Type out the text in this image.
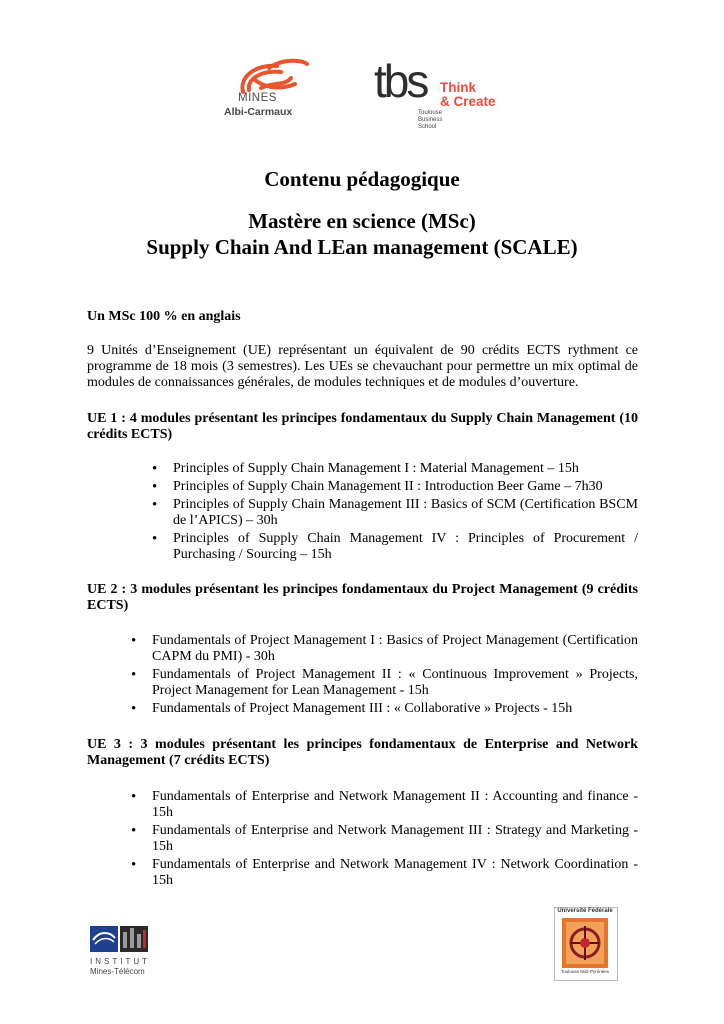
MINES
Albi-Carmaux
tbs Think
& Create
Toulouse Business School
Contenu pédagogique
Mastère en science (MSc)
Supply Chain And LEan management (SCALE)
Un MSc 100 % en anglais
9 Unités d’Enseignement (UE) représentant un équivalent de 90 crédits ECTS rythment ce programme de 18 mois (3 semestres). Les UEs se chevauchant pour permettre un mix optimal de modules de connaissances générales, de modules techniques et de modules d’ouverture.
UE 1 : 4 modules présentant les principes fondamentaux du Supply Chain Management (10 crédits ECTS)
• Principles of Supply Chain Management I : Material Management – 15h
• Principles of Supply Chain Management II : Introduction Beer Game – 7h30
• Principles of Supply Chain Management III : Basics of SCM (Certification BSCM de l’APICS) – 30h
• Principles of Supply Chain Management IV : Principles of Procurement / Purchasing / Sourcing – 15h
UE 2 : 3 modules présentant les principes fondamentaux du Project Management (9 crédits ECTS)
• Fundamentals of Project Management I : Basics of Project Management (Certification CAPM du PMI) - 30h
• Fundamentals of Project Management II : « Continuous Improvement » Projects, Project Management for Lean Management - 15h
• Fundamentals of Project Management III : « Collaborative » Projects - 15h
UE 3 : 3 modules présentant les principes fondamentaux de Enterprise and Network Management (7 crédits ECTS)
• Fundamentals of Enterprise and Network Management II : Accounting and finance - 15h
• Fundamentals of Enterprise and Network Management III : Strategy and Marketing - 15h
• Fundamentals of Enterprise and Network Management IV : Network Coordination - 15h
INSTITUT
Mines-Télécom
Université Fédérale
Toulouse Midi-Pyrénées
